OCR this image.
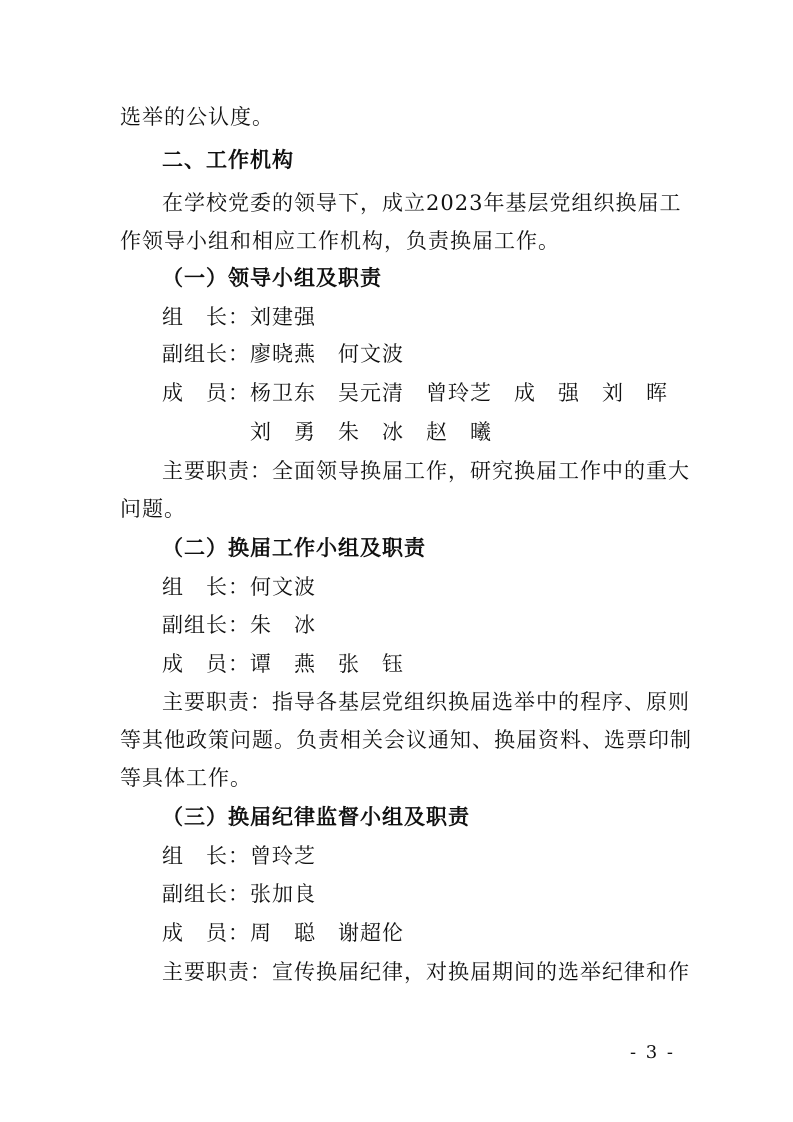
选举的公认度。
二、工作机构
在学校党委的领导下，成立2023年基层党组织换届工
作领导小组和相应工作机构，负责换届工作。
（一）领导小组及职责
组　长：刘建强
副组长：廖晓燕　何文波
成　员：杨卫东　吴元清　曾玲芝　成　强　刘　晖
刘　勇　朱　冰　赵　曦
主要职责：全面领导换届工作，研究换届工作中的重大
问题。
（二）换届工作小组及职责
组　长：何文波
副组长：朱　冰
成　员：谭　燕　张　钰
主要职责：指导各基层党组织换届选举中的程序、原则
等其他政策问题。负责相关会议通知、换届资料、选票印制
等具体工作。
（三）换届纪律监督小组及职责
组　长：曾玲芝
副组长：张加良
成　员：周　聪　谢超伦
主要职责：宣传换届纪律，对换届期间的选举纪律和作
- 3 -
